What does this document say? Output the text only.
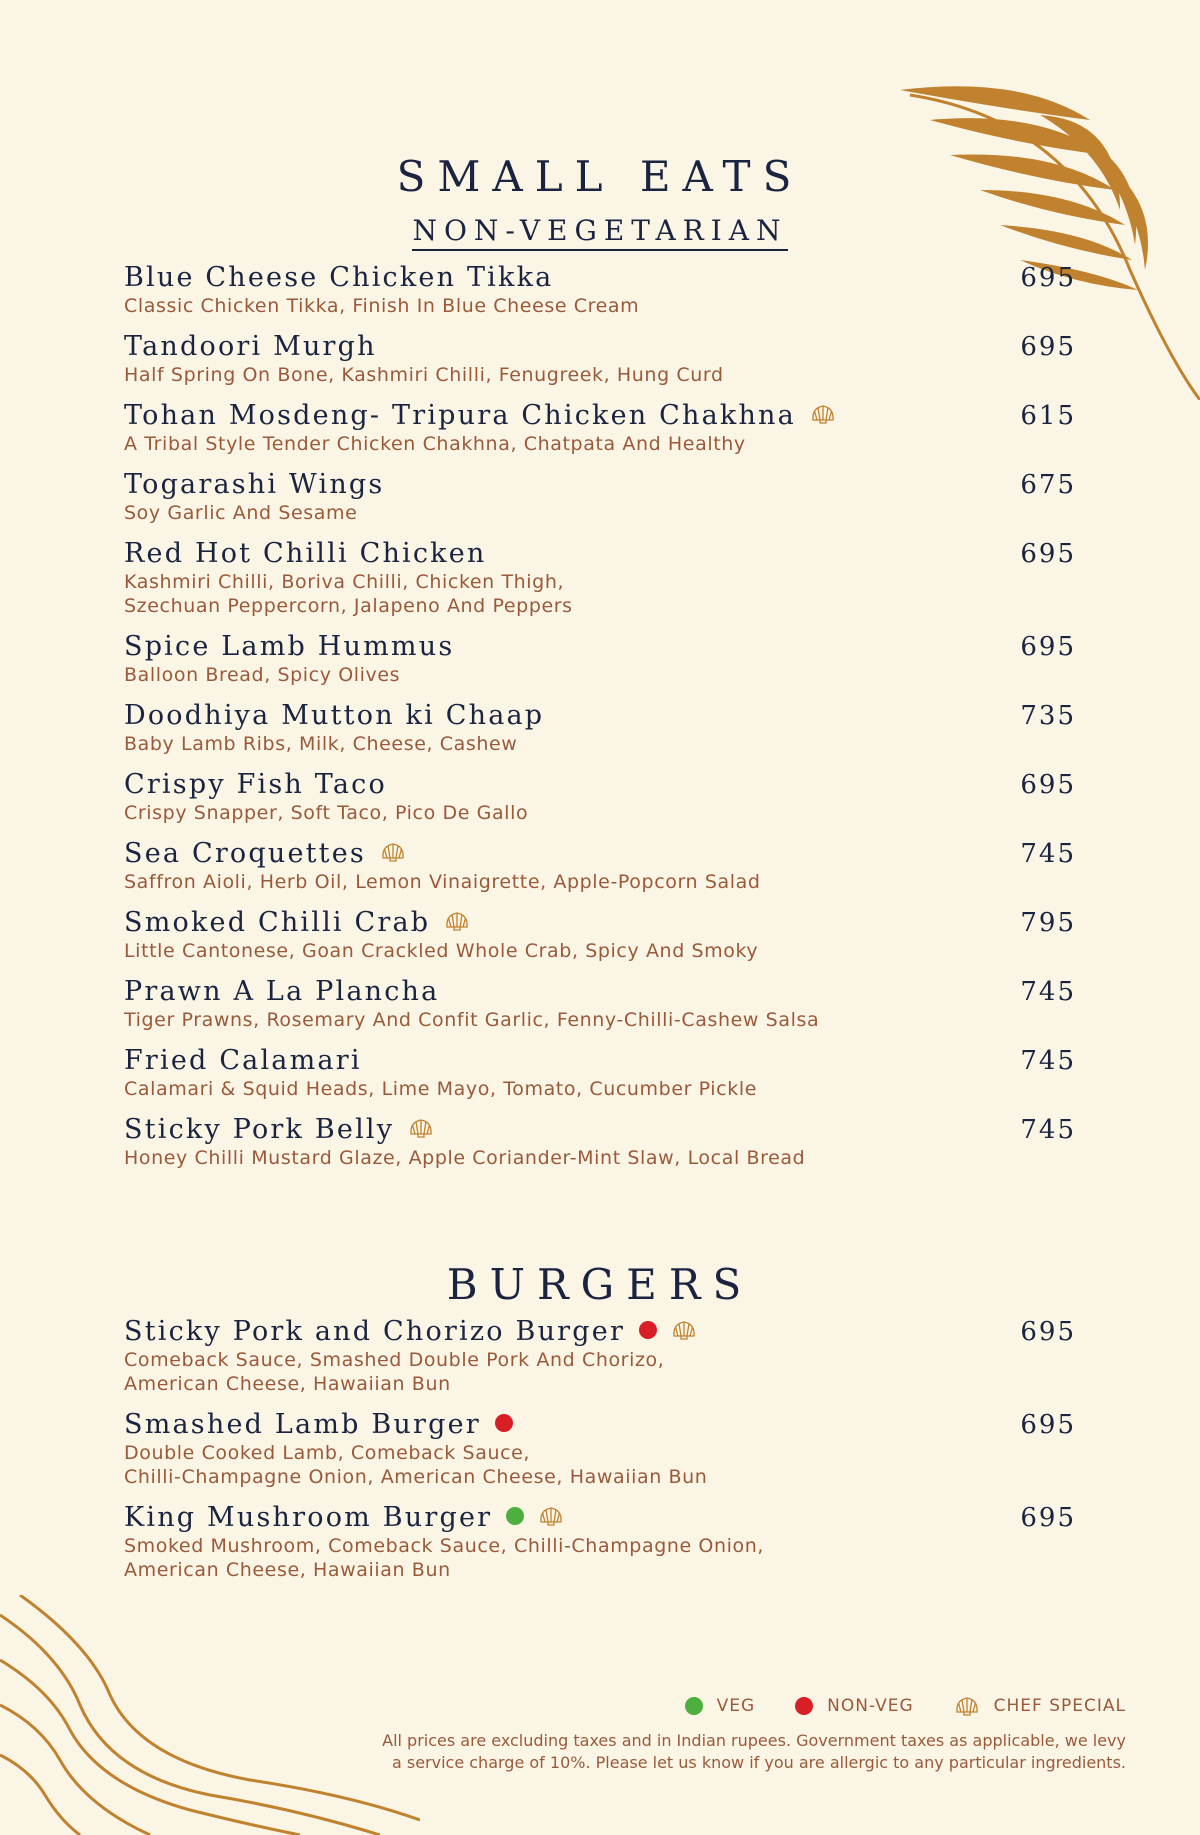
SMALL EATS
NON-VEGETARIAN
Blue Cheese Chicken Tikka	695
Classic Chicken Tikka, Finish In Blue Cheese Cream
Tandoori Murgh	695
Half Spring On Bone, Kashmiri Chilli, Fenugreek, Hung Curd
Tohan Mosdeng- Tripura Chicken Chakhna	615
A Tribal Style Tender Chicken Chakhna, Chatpata And Healthy
Togarashi Wings	675
Soy Garlic And Sesame
Red Hot Chilli Chicken	695
Kashmiri Chilli, Boriva Chilli, Chicken Thigh,
Szechuan Peppercorn, Jalapeno And Peppers
Spice Lamb Hummus	695
Balloon Bread, Spicy Olives
Doodhiya Mutton ki Chaap	735
Baby Lamb Ribs, Milk, Cheese, Cashew
Crispy Fish Taco	695
Crispy Snapper, Soft Taco, Pico De Gallo
Sea Croquettes	745
Saffron Aioli, Herb Oil, Lemon Vinaigrette, Apple-Popcorn Salad
Smoked Chilli Crab	795
Little Cantonese, Goan Crackled Whole Crab, Spicy And Smoky
Prawn A La Plancha	745
Tiger Prawns, Rosemary And Confit Garlic, Fenny-Chilli-Cashew Salsa
Fried Calamari	745
Calamari & Squid Heads, Lime Mayo, Tomato, Cucumber Pickle
Sticky Pork Belly	745
Honey Chilli Mustard Glaze, Apple Coriander-Mint Slaw, Local Bread
BURGERS
Sticky Pork and Chorizo Burger	695
Comeback Sauce, Smashed Double Pork And Chorizo,
American Cheese, Hawaiian Bun
Smashed Lamb Burger	695
Double Cooked Lamb, Comeback Sauce,
Chilli-Champagne Onion, American Cheese, Hawaiian Bun
King Mushroom Burger	695
Smoked Mushroom, Comeback Sauce, Chilli-Champagne Onion,
American Cheese, Hawaiian Bun
VEG	NON-VEG	CHEF SPECIAL
All prices are excluding taxes and in Indian rupees. Government taxes as applicable, we levy
a service charge of 10%. Please let us know if you are allergic to any particular ingredients.
